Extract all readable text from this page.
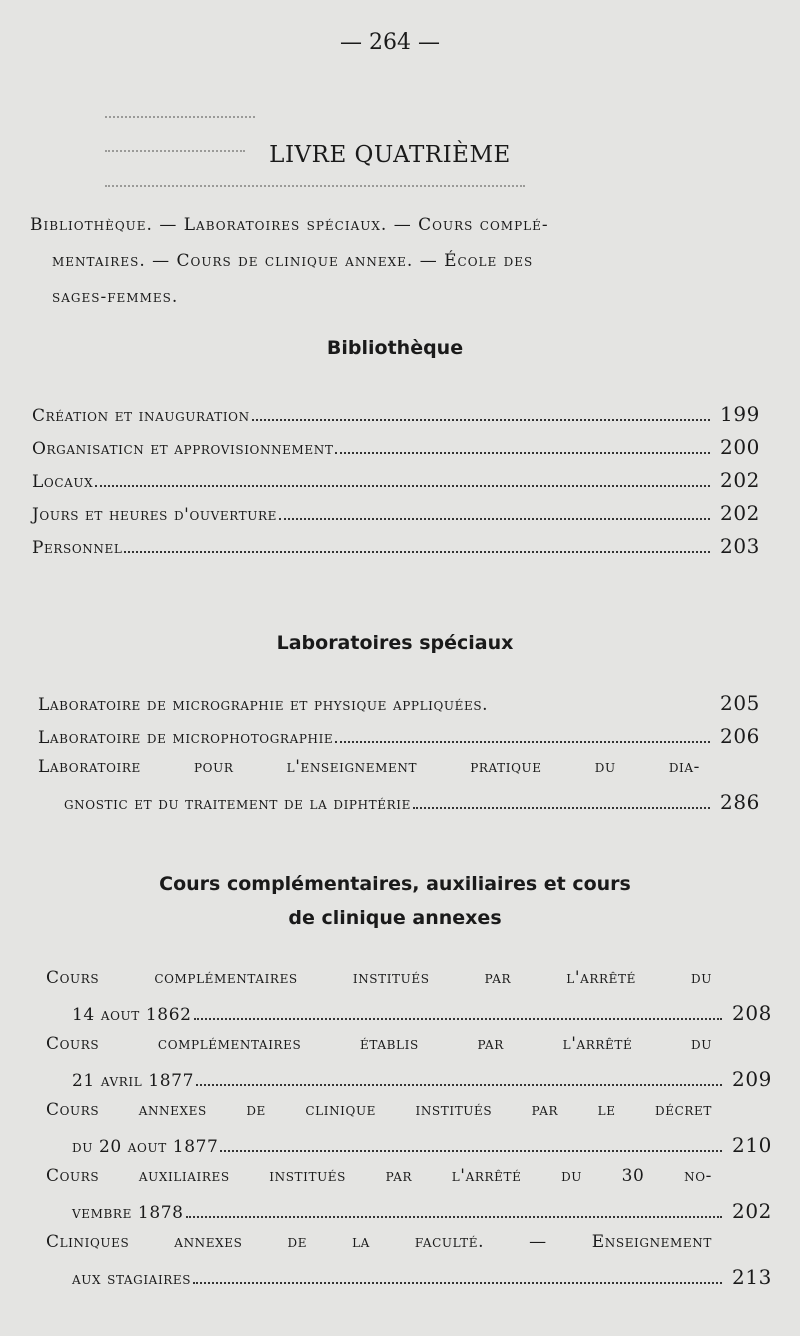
— 264 —
LIVRE QUATRIÈME

Bibliothèque. — Laboratoires spéciaux. — Cours complé-

mentaires. — Cours de clinique annexe. — École des

sages-femmes.

Bibliothèque
Création et inauguration	199
Organisaticn et approvisionnement	200
Locaux	202
Jours et heures d'ouverture	202
Personnel	203
Laboratoires spéciaux
Laboratoire de micrographie et physique appliquées.	205
Laboratoire de microphotographie	206
Laboratoire pour l'enseignement pratique du dia-
gnostic et du traitement de la diphtérie	286
Cours complémentaires, auxiliaires et cours
de clinique annexes
Cours complémentaires institués par l'arrêté du
14 aout 1862	208
Cours complémentaires établis par l'arrêté du
21 avril 1877	209
Cours annexes de clinique institués par le décret
du 20 aout 1877	210
Cours auxiliaires institués par l'arrêté du 30 no-
vembre 1878	202
Cliniques annexes de la faculté. — Enseignement
aux stagiaires	213
